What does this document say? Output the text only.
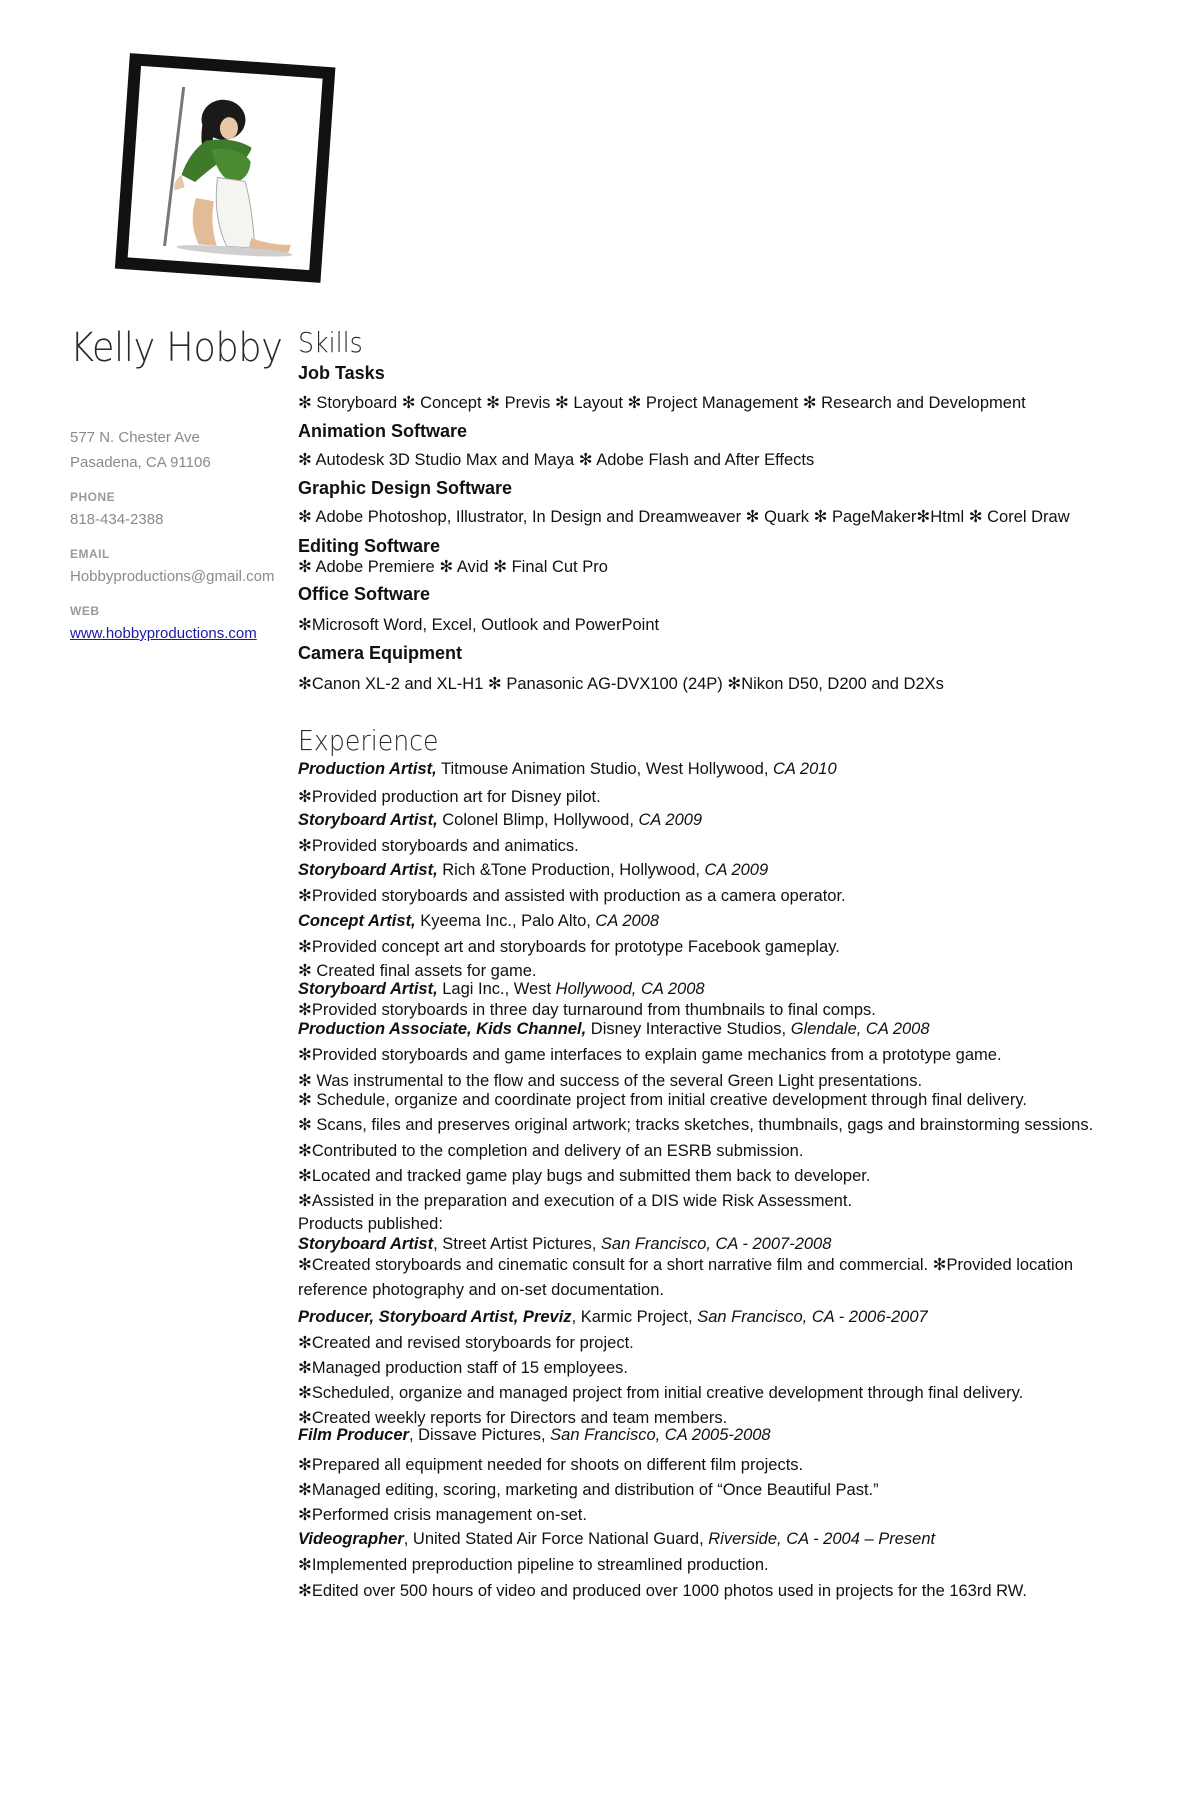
Kelly Hobby
577 N. Chester Ave
Pasadena, CA 91106
PHONE
818-434-2388
EMAIL
Hobbyproductions@gmail.com
WEB
www.hobbyproductions.com
Skills
Job Tasks
✻ Storyboard ✻ Concept ✻ Previs ✻ Layout ✻ Project Management ✻ Research and Development
Animation Software
✻ Autodesk 3D Studio Max and Maya ✻ Adobe Flash and After Effects
Graphic Design Software
✻ Adobe Photoshop, Illustrator, In Design and Dreamweaver ✻ Quark ✻ PageMaker✻Html ✻ Corel Draw
Editing Software
✻ Adobe Premiere ✻ Avid ✻ Final Cut Pro
Office Software
✻Microsoft Word, Excel, Outlook and PowerPoint
Camera Equipment
✻Canon XL-2 and XL-H1 ✻ Panasonic AG-DVX100 (24P) ✻Nikon D50, D200 and D2Xs
Experience
Production Artist, Titmouse Animation Studio, West Hollywood, CA 2010
✻Provided production art for Disney pilot.
Storyboard Artist, Colonel Blimp, Hollywood, CA 2009
✻Provided storyboards and animatics.
Storyboard Artist, Rich &Tone Production, Hollywood, CA 2009
✻Provided storyboards and assisted with production as a camera operator.
Concept Artist, Kyeema Inc., Palo Alto, CA 2008
✻Provided concept art and storyboards for prototype Facebook gameplay.
✻ Created final assets for game.
Storyboard Artist, Lagi Inc., West Hollywood, CA 2008
✻Provided storyboards in three day turnaround from thumbnails to final comps.
Production Associate, Kids Channel, Disney Interactive Studios, Glendale, CA 2008
✻Provided storyboards and game interfaces to explain game mechanics from a prototype game.
✻ Was instrumental to the flow and success of the several Green Light presentations.
✻ Schedule, organize and coordinate project from initial creative development through final delivery.
✻ Scans, files and preserves original artwork; tracks sketches, thumbnails, gags and brainstorming sessions.
✻Contributed to the completion and delivery of an ESRB submission.
✻Located and tracked game play bugs and submitted them back to developer.
✻Assisted in the preparation and execution of a DIS wide Risk Assessment.
Products published:
Storyboard Artist, Street Artist Pictures, San Francisco, CA - 2007-2008
✻Created storyboards and cinematic consult for a short narrative film and commercial. ✻Provided location reference photography and on-set documentation.
Producer, Storyboard Artist, Previz, Karmic Project, San Francisco, CA - 2006-2007
✻Created and revised storyboards for project.
✻Managed production staff of 15 employees.
✻Scheduled, organize and managed project from initial creative development through final delivery. ✻Created weekly reports for Directors and team members.
Film Producer, Dissave Pictures, San Francisco, CA 2005-2008
✻Prepared all equipment needed for shoots on different film projects.
✻Managed editing, scoring, marketing and distribution of “Once Beautiful Past.”
✻Performed crisis management on-set.
Videographer, United Stated Air Force National Guard, Riverside, CA - 2004 – Present
✻Implemented preproduction pipeline to streamlined production.
✻Edited over 500 hours of video and produced over 1000 photos used in projects for the 163rd RW.
